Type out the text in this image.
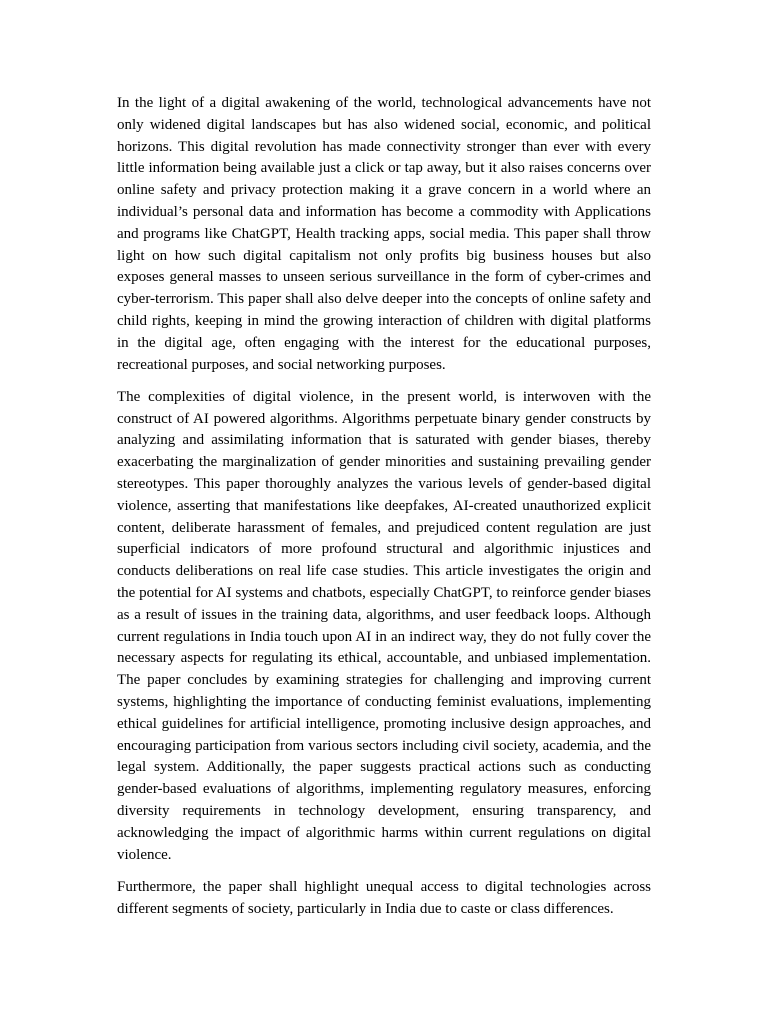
In the light of a digital awakening of the world, technological advancements have not only widened digital landscapes but has also widened social, economic, and political horizons. This digital revolution has made connectivity stronger than ever with every little information being available just a click or tap away, but it also raises concerns over online safety and privacy protection making it a grave concern in a world where an individual’s personal data and information has become a commodity with Applications and programs like ChatGPT, Health tracking apps, social media. This paper shall throw light on how such digital capitalism not only profits big business houses but also exposes general masses to unseen serious surveillance in the form of cyber-crimes and cyber-terrorism. This paper shall also delve deeper into the concepts of online safety and child rights, keeping in mind the growing interaction of children with digital platforms in the digital age, often engaging with the interest for the educational purposes, recreational purposes, and social networking purposes.

The complexities of digital violence, in the present world, is interwoven with the construct of AI powered algorithms. Algorithms perpetuate binary gender constructs by analyzing and assimilating information that is saturated with gender biases, thereby exacerbating the marginalization of gender minorities and sustaining prevailing gender stereotypes. This paper thoroughly analyzes the various levels of gender-based digital violence, asserting that manifestations like deepfakes, AI-created unauthorized explicit content, deliberate harassment of females, and prejudiced content regulation are just superficial indicators of more profound structural and algorithmic injustices and conducts deliberations on real life case studies. This article investigates the origin and the potential for AI systems and chatbots, especially ChatGPT, to reinforce gender biases as a result of issues in the training data, algorithms, and user feedback loops. Although current regulations in India touch upon AI in an indirect way, they do not fully cover the necessary aspects for regulating its ethical, accountable, and unbiased implementation. The paper concludes by examining strategies for challenging and improving current systems, highlighting the importance of conducting feminist evaluations, implementing ethical guidelines for artificial intelligence, promoting inclusive design approaches, and encouraging participation from various sectors including civil society, academia, and the legal system. Additionally, the paper suggests practical actions such as conducting gender-based evaluations of algorithms, implementing regulatory measures, enforcing diversity requirements in technology development, ensuring transparency, and acknowledging the impact of algorithmic harms within current regulations on digital violence.

Furthermore, the paper shall highlight unequal access to digital technologies across different segments of society, particularly in India due to caste or class differences.
